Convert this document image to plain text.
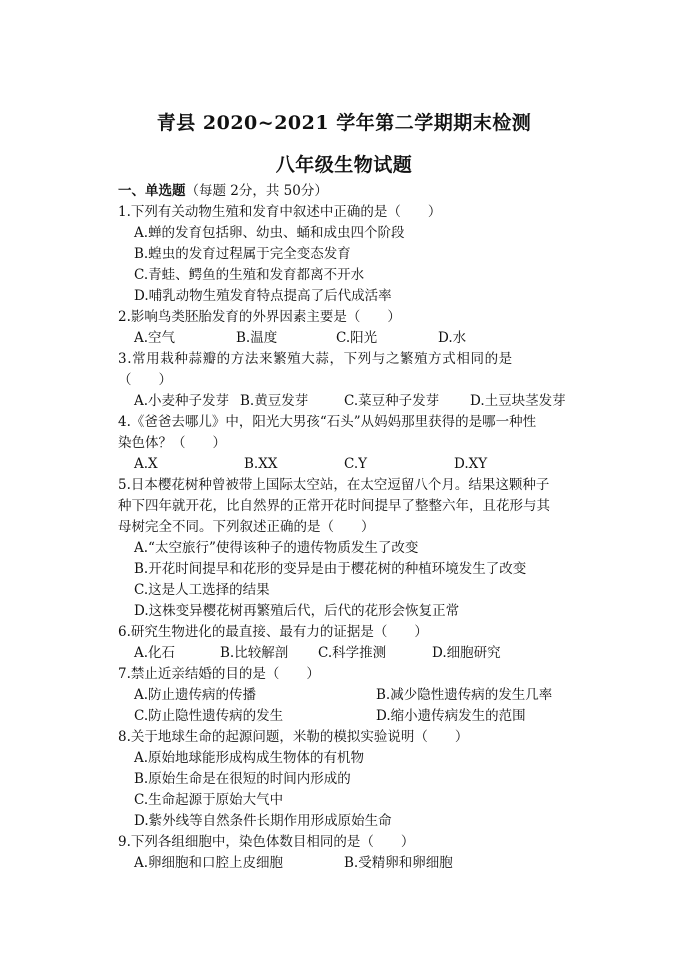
青县 2020~2021 学年第二学期期末检测
八年级生物试题
一、单选题（每题 2分，共 50分）
1.下列有关动物生殖和发育中叙述中正确的是（　　）
A.蝉的发育包括卵、幼虫、蛹和成虫四个阶段
B.蝗虫的发育过程属于完全变态发育
C.青蛙、鳄鱼的生殖和发育都离不开水
D.哺乳动物生殖发育特点提高了后代成活率
2.影响鸟类胚胎发育的外界因素主要是（　　）
A.空气	B.温度	C.阳光	D.水
3.常用栽种蒜瓣的方法来繁殖大蒜，下列与之繁殖方式相同的是
（　　）
A.小麦种子发芽 B.黄豆发芽	C.菜豆种子发芽 D.土豆块茎发芽
4.《爸爸去哪儿》中，阳光大男孩“石头”从妈妈那里获得的是哪一种性
染色体？（　　）
A.X	B.XX	C.Y	D.XY
5.日本樱花树种曾被带上国际太空站，在太空逗留八个月。结果这颗种子
种下四年就开花，比自然界的正常开花时间提早了整整六年，且花形与其
母树完全不同。下列叙述正确的是（　　）
A.“太空旅行”使得该种子的遗传物质发生了改变
B.开花时间提早和花形的变异是由于樱花树的种植环境发生了改变
C.这是人工选择的结果
D.这株变异樱花树再繁殖后代，后代的花形会恢复正常
6.研究生物进化的最直接、最有力的证据是（　　）
A.化石	B.比较解剖 C.科学推测	D.细胞研究
7.禁止近亲结婚的目的是（　　）
A.防止遗传病的传播	B.减少隐性遗传病的发生几率
C.防止隐性遗传病的发生	D.缩小遗传病发生的范围
8.关于地球生命的起源问题，米勒的模拟实验说明（　　）
A.原始地球能形成构成生物体的有机物
B.原始生命是在很短的时间内形成的
C.生命起源于原始大气中
D.紫外线等自然条件长期作用形成原始生命
9.下列各组细胞中，染色体数目相同的是（　　）
A.卵细胞和口腔上皮细胞	B.受精卵和卵细胞
